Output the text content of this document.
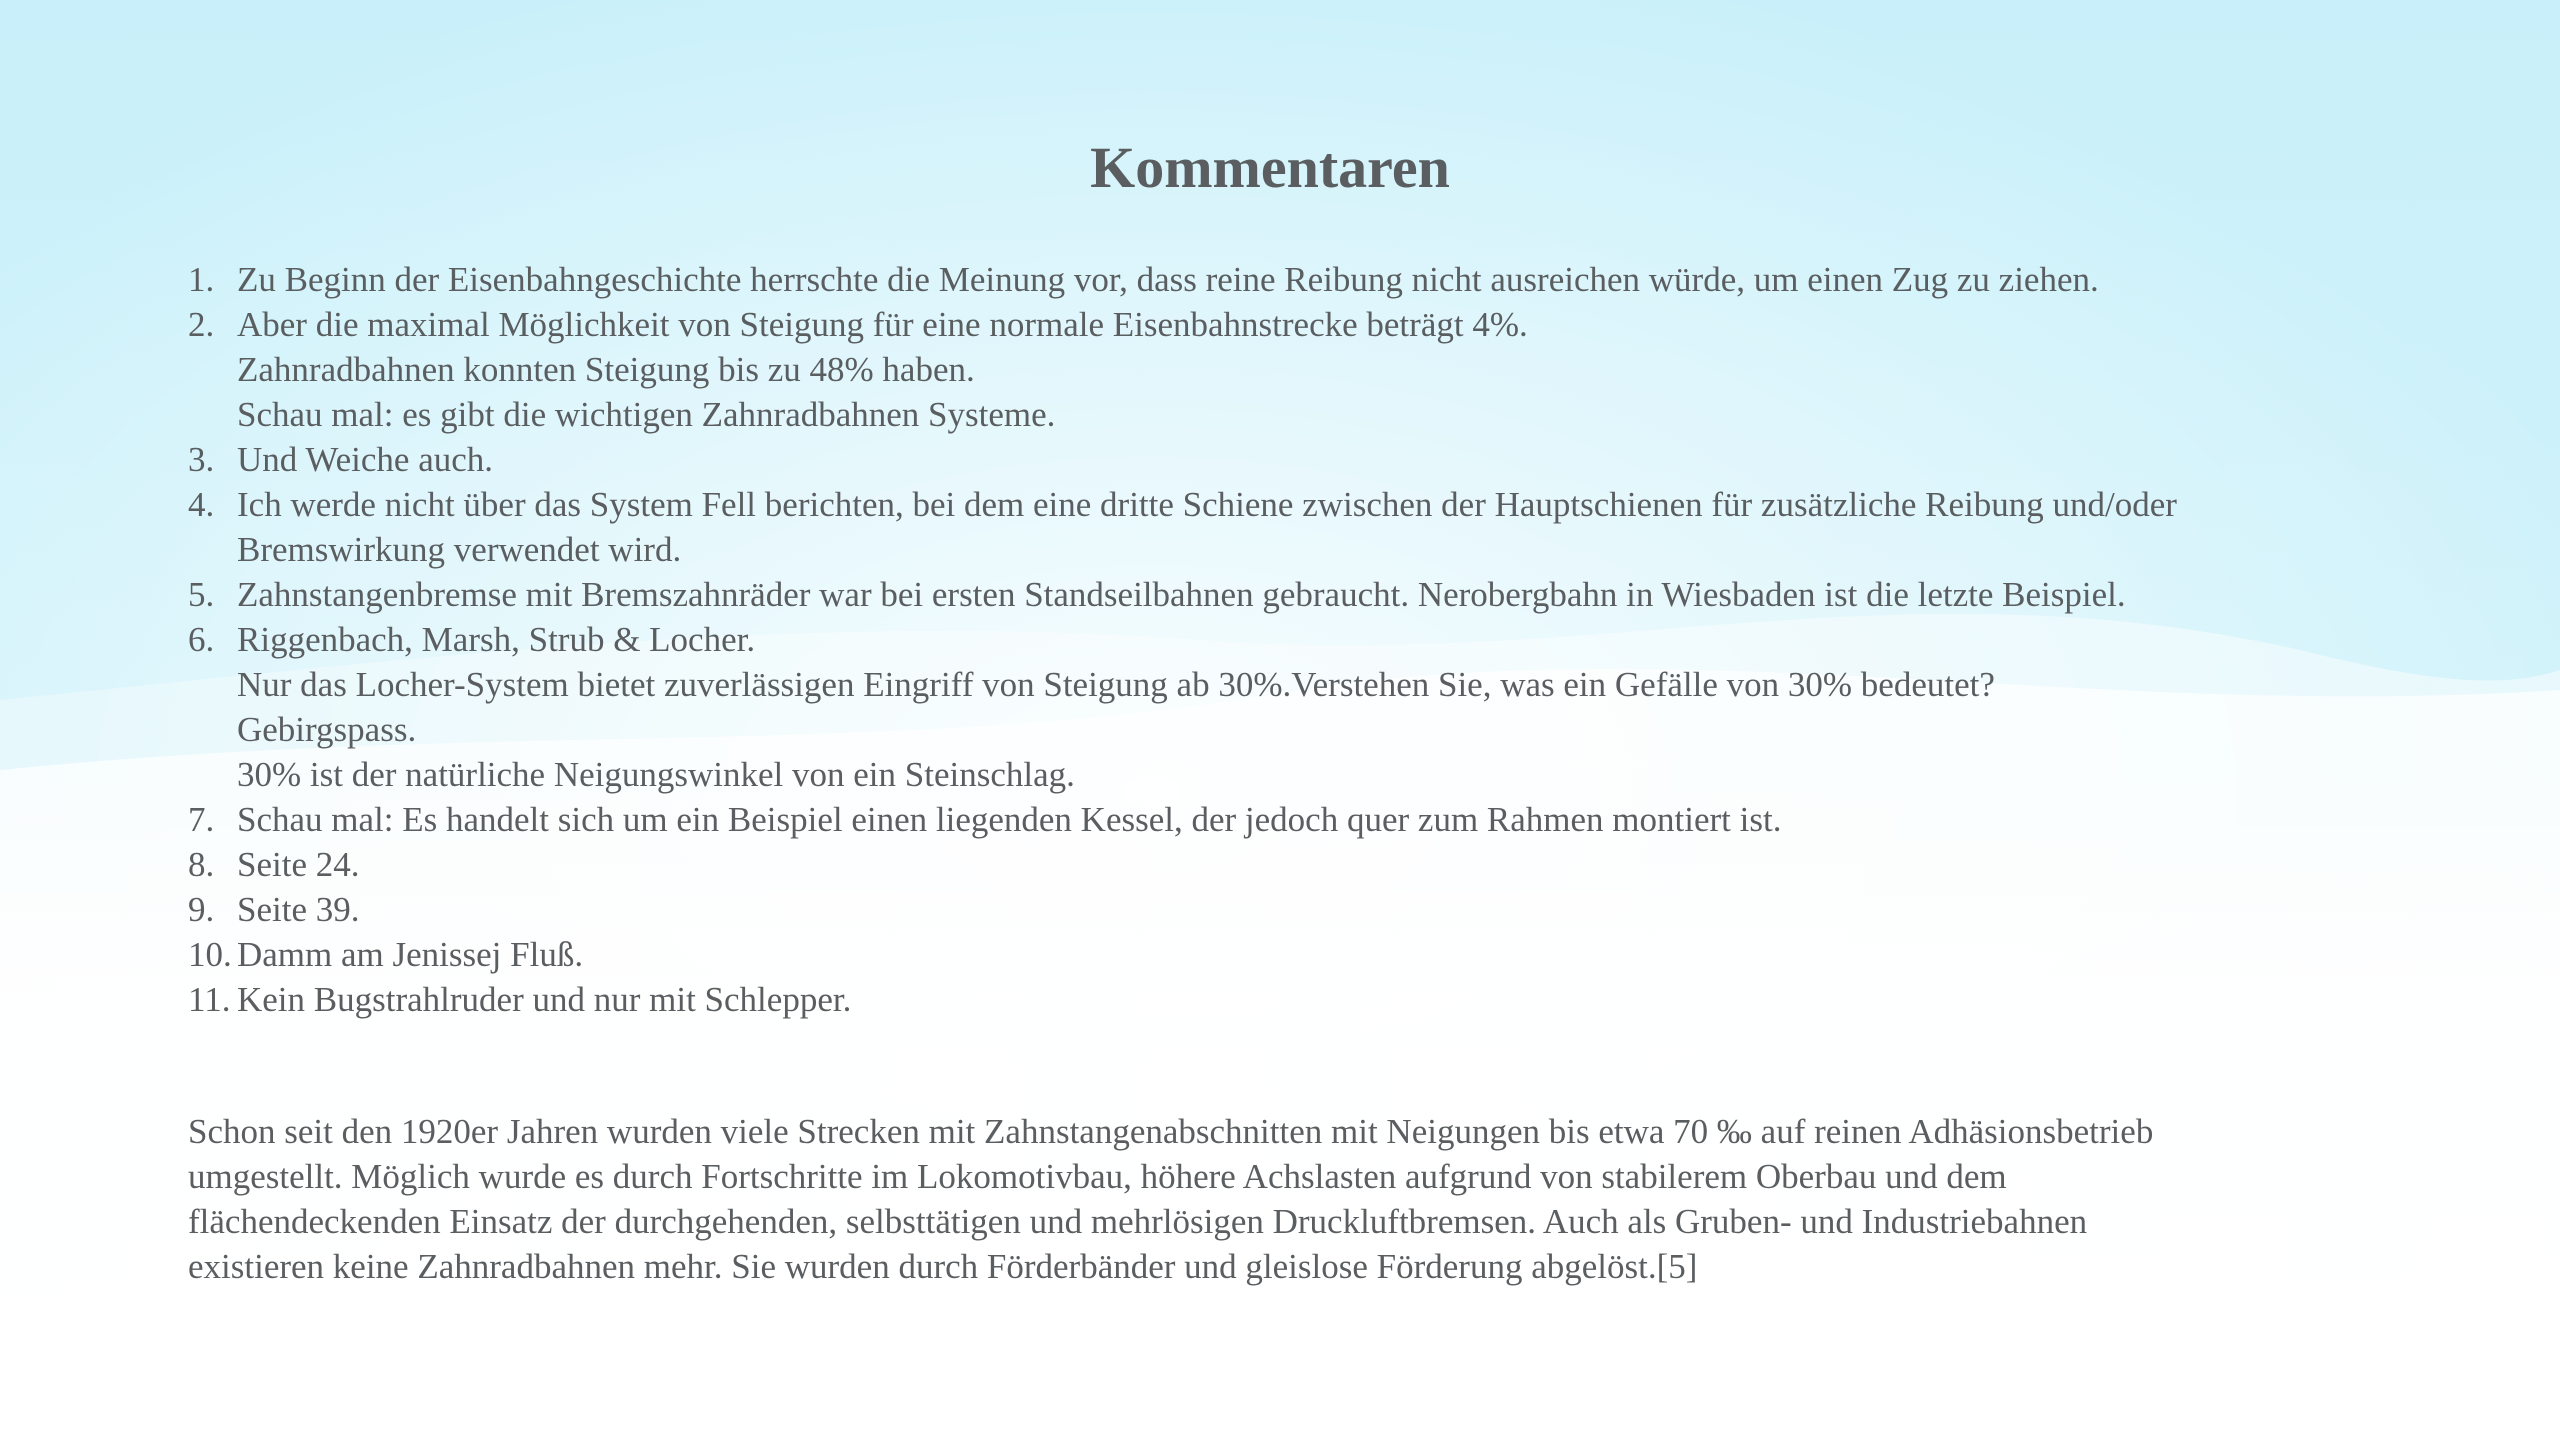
Kommentaren
1. Zu Beginn der Eisenbahngeschichte herrschte die Meinung vor, dass reine Reibung nicht ausreichen würde, um einen Zug zu ziehen.
2. Aber die maximal Möglichkeit von Steigung für eine normale Eisenbahnstrecke beträgt 4%.
Zahnradbahnen konnten Steigung bis zu 48% haben.
Schau mal: es gibt die wichtigen Zahnradbahnen Systeme.
3. Und Weiche auch.
4. Ich werde nicht über das System Fell berichten, bei dem eine dritte Schiene zwischen der Hauptschienen für zusätzliche Reibung und/oder
Bremswirkung verwendet wird.
5. Zahnstangenbremse mit Bremszahnräder war bei ersten Standseilbahnen gebraucht. Nerobergbahn in Wiesbaden ist die letzte Beispiel.
6. Riggenbach, Marsh, Strub & Locher.
Nur das Locher-System bietet zuverlässigen Eingriff von Steigung ab 30%.Verstehen Sie, was ein Gefälle von 30% bedeutet?
Gebirgspass.
30% ist der natürliche Neigungswinkel von ein Steinschlag.
7. Schau mal: Es handelt sich um ein Beispiel einen liegenden Kessel, der jedoch quer zum Rahmen montiert ist.
8. Seite 24.
9. Seite 39.
10. Damm am Jenissej Fluß.
11. Kein Bugstrahlruder und nur mit Schlepper.
Schon seit den 1920er Jahren wurden viele Strecken mit Zahnstangenabschnitten mit Neigungen bis etwa 70 ‰ auf reinen Adhäsionsbetrieb
umgestellt. Möglich wurde es durch Fortschritte im Lokomotivbau, höhere Achslasten aufgrund von stabilerem Oberbau und dem
flächendeckenden Einsatz der durchgehenden, selbsttätigen und mehrlösigen Druckluftbremsen. Auch als Gruben- und Industriebahnen
existieren keine Zahnradbahnen mehr. Sie wurden durch Förderbänder und gleislose Förderung abgelöst.[5]
